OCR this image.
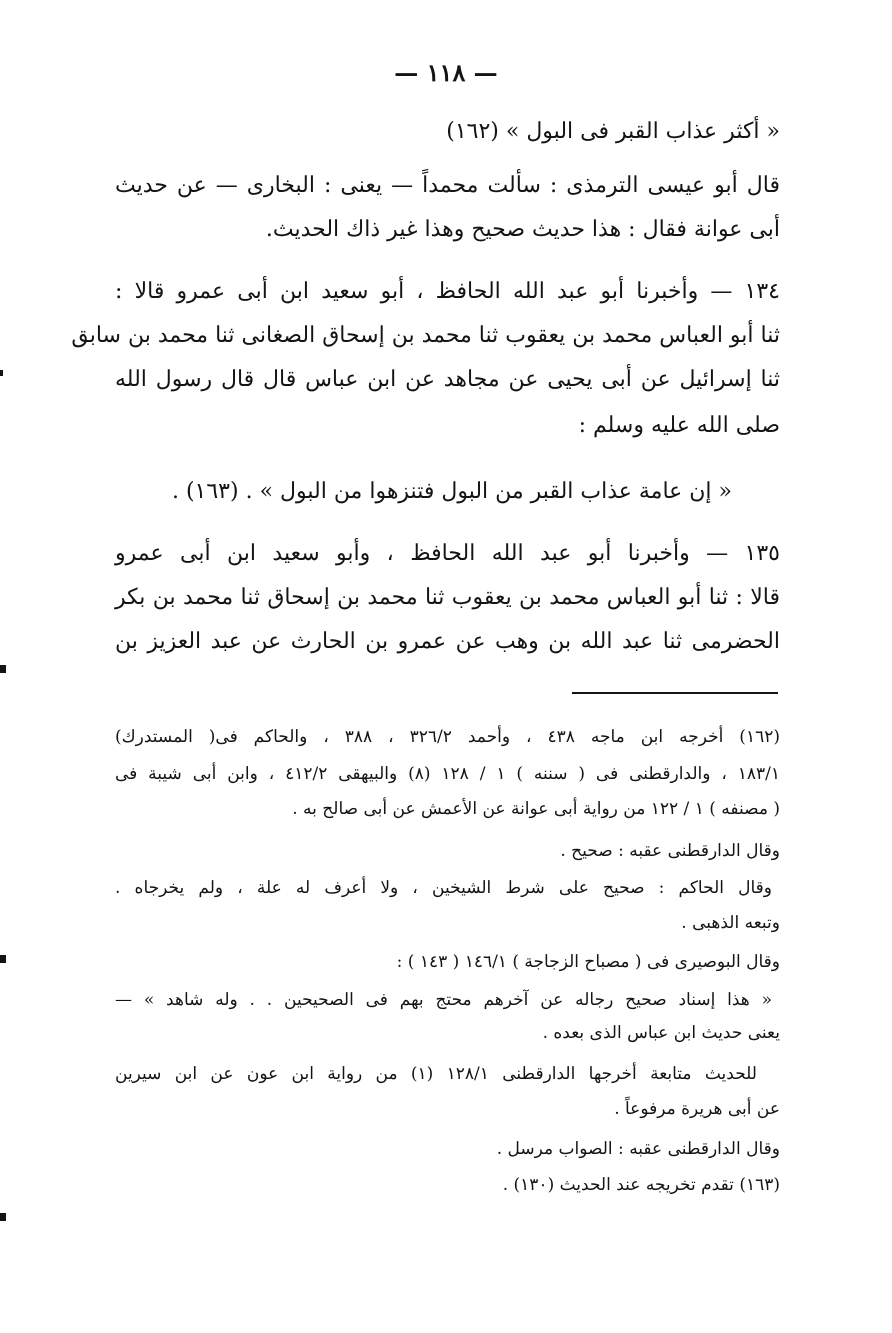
— ١١٨ —
« أكثر عذاب القبر فى البول » (١٦٢)
قال أبو عيسى الترمذى : سألت محمداً — يعنى : البخارى — عن حديث
أبى عوانة فقال : هذا حديث صحيح وهذا غير ذاك الحديث.
١٣٤ — وأخبرنا أبو عبد الله الحافظ ، أبو سعيد ابن أبى عمرو قالا :
ثنا أبو العباس محمد بن يعقوب ثنا محمد بن إسحاق الصغانى ثنا محمد بن سابق
ثنا إسرائيل عن أبى يحيى عن مجاهد عن ابن عباس قال قال رسول الله
صلى الله عليه وسلم :
« إن عامة عذاب القبر من البول فتنزهوا من البول » . (١٦٣) .
١٣٥ — وأخبرنا أبو عبد الله الحافظ ، وأبو سعيد ابن أبى عمرو
قالا : ثنا أبو العباس محمد بن يعقوب ثنا محمد بن إسحاق ثنا محمد بن بكر
الحضرمى ثنا عبد الله بن وهب عن عمرو بن الحارث عن عبد العزيز بن
(١٦٢) أخرجه ابن ماجه ٤٣٨ ، وأحمد ٣٢٦/٢ ، ٣٨٨ ، والحاكم فى( المستدرك)
١٨٣/١ ، والدارقطنى فى ( سننه ) ١ / ١٢٨ (٨) والبيهقى ٤١٢/٢ ، وابن أبى شيبة فى
( مصنفه ) ١ / ١٢٢ من رواية أبى عوانة عن الأعمش عن أبى صالح به .
وقال الدارقطنى عقبه : صحيح .
وقال الحاكم : صحيح على شرط الشيخين ، ولا أعرف له علة ، ولم يخرجاه .
وتبعه الذهبى .
وقال البوصيرى فى ( مصباح الزجاجة ) ١٤٦/١ ( ١٤٣ ) :
« هذا إسناد صحيح رجاله عن آخرهم محتج بهم فى الصحيحين . . وله شاهد » —
يعنى حديث ابن عباس الذى بعده .
للحديث متابعة أخرجها الدارقطنى ١٢٨/١ (١) من رواية ابن عون عن ابن سيرين
عن أبى هريرة مرفوعاً .
وقال الدارقطنى عقبه : الصواب مرسل .
(١٦٣) تقدم تخريجه عند الحديث (١٣٠) .
